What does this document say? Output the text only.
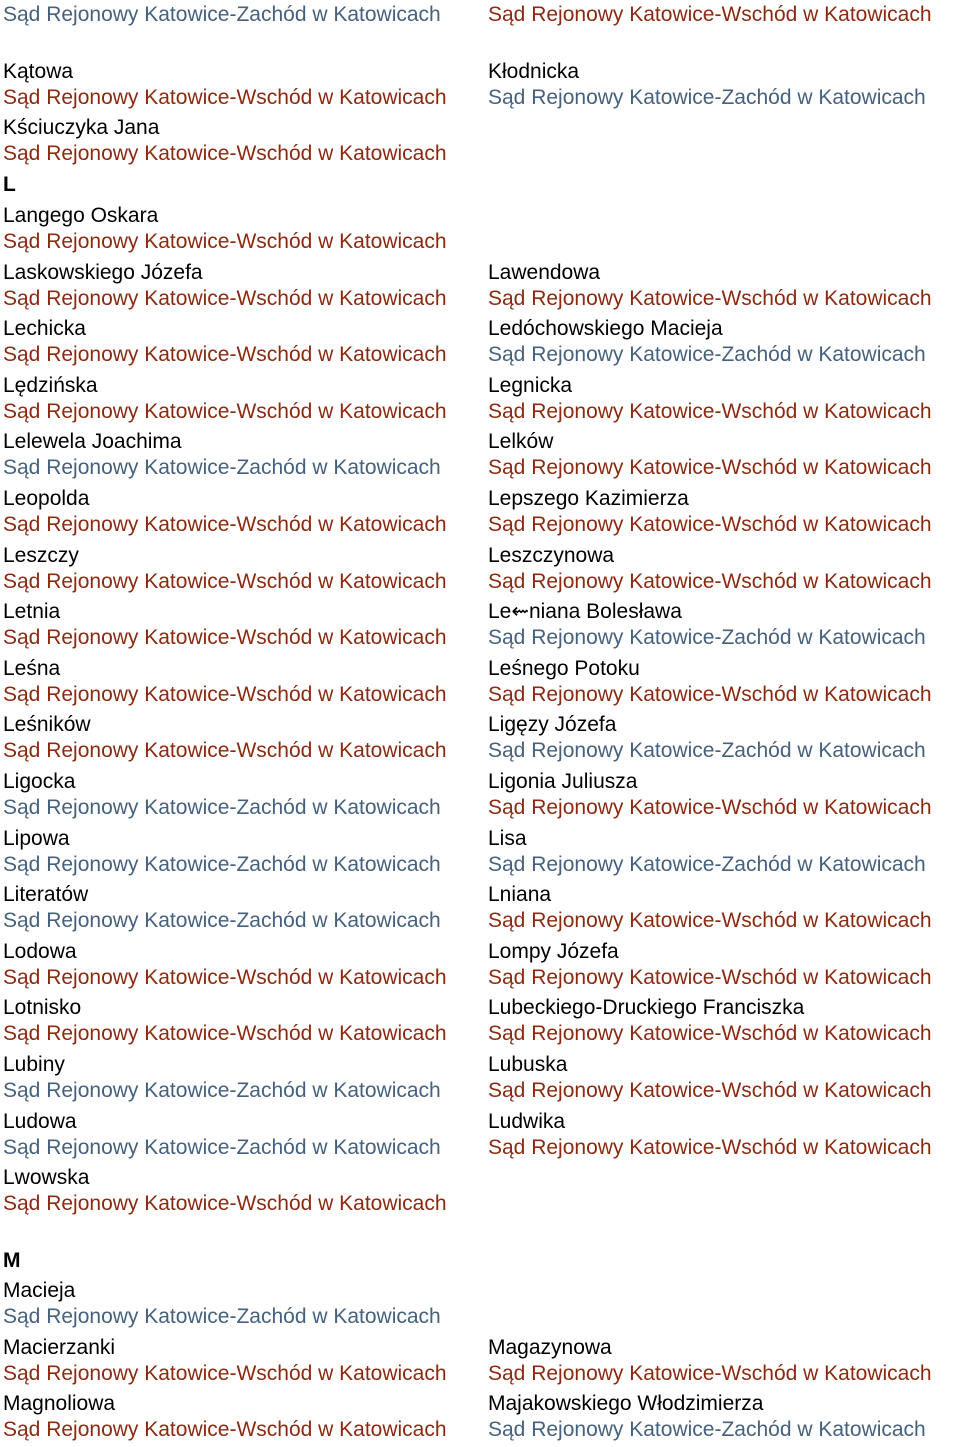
Sąd Rejonowy Katowice-Zachód w Katowicach	Sąd Rejonowy Katowice-Wschód w Katowicach
Kątowa
Sąd Rejonowy Katowice-Wschód w Katowicach
Kłodnicka
Sąd Rejonowy Katowice-Zachód w Katowicach
Kściuczyka Jana
Sąd Rejonowy Katowice-Wschód w Katowicach
L
Langego Oskara
Sąd Rejonowy Katowice-Wschód w Katowicach
Laskowskiego Józefa
Sąd Rejonowy Katowice-Wschód w Katowicach
Lawendowa
Sąd Rejonowy Katowice-Wschód w Katowicach
Lechicka
Sąd Rejonowy Katowice-Wschód w Katowicach
Ledóchowskiego Macieja
Sąd Rejonowy Katowice-Zachód w Katowicach
Lędzińska
Sąd Rejonowy Katowice-Wschód w Katowicach
Legnicka
Sąd Rejonowy Katowice-Wschód w Katowicach
Lelewela Joachima
Sąd Rejonowy Katowice-Zachód w Katowicach
Lelków
Sąd Rejonowy Katowice-Wschód w Katowicach
Leopolda
Sąd Rejonowy Katowice-Wschód w Katowicach
Lepszego Kazimierza
Sąd Rejonowy Katowice-Wschód w Katowicach
Leszczy
Sąd Rejonowy Katowice-Wschód w Katowicach
Leszczynowa
Sąd Rejonowy Katowice-Wschód w Katowicach
Letnia
Sąd Rejonowy Katowice-Wschód w Katowicach
Le⇜niana Bolesława
Sąd Rejonowy Katowice-Zachód w Katowicach
Leśna
Sąd Rejonowy Katowice-Wschód w Katowicach
Leśnego Potoku
Sąd Rejonowy Katowice-Wschód w Katowicach
Leśników
Sąd Rejonowy Katowice-Wschód w Katowicach
Ligęzy Józefa
Sąd Rejonowy Katowice-Zachód w Katowicach
Ligocka
Sąd Rejonowy Katowice-Zachód w Katowicach
Ligonia Juliusza
Sąd Rejonowy Katowice-Wschód w Katowicach
Lipowa
Sąd Rejonowy Katowice-Zachód w Katowicach
Lisa
Sąd Rejonowy Katowice-Zachód w Katowicach
Literatów
Sąd Rejonowy Katowice-Zachód w Katowicach
Lniana
Sąd Rejonowy Katowice-Wschód w Katowicach
Lodowa
Sąd Rejonowy Katowice-Wschód w Katowicach
Lompy Józefa
Sąd Rejonowy Katowice-Wschód w Katowicach
Lotnisko
Sąd Rejonowy Katowice-Wschód w Katowicach
Lubeckiego-Druckiego Franciszka
Sąd Rejonowy Katowice-Wschód w Katowicach
Lubiny
Sąd Rejonowy Katowice-Zachód w Katowicach
Lubuska
Sąd Rejonowy Katowice-Wschód w Katowicach
Ludowa
Sąd Rejonowy Katowice-Zachód w Katowicach
Ludwika
Sąd Rejonowy Katowice-Wschód w Katowicach
Lwowska
Sąd Rejonowy Katowice-Wschód w Katowicach
M
Macieja
Sąd Rejonowy Katowice-Zachód w Katowicach
Macierzanki
Sąd Rejonowy Katowice-Wschód w Katowicach
Magazynowa
Sąd Rejonowy Katowice-Wschód w Katowicach
Magnoliowa
Sąd Rejonowy Katowice-Wschód w Katowicach
Majakowskiego Włodzimierza
Sąd Rejonowy Katowice-Zachód w Katowicach
